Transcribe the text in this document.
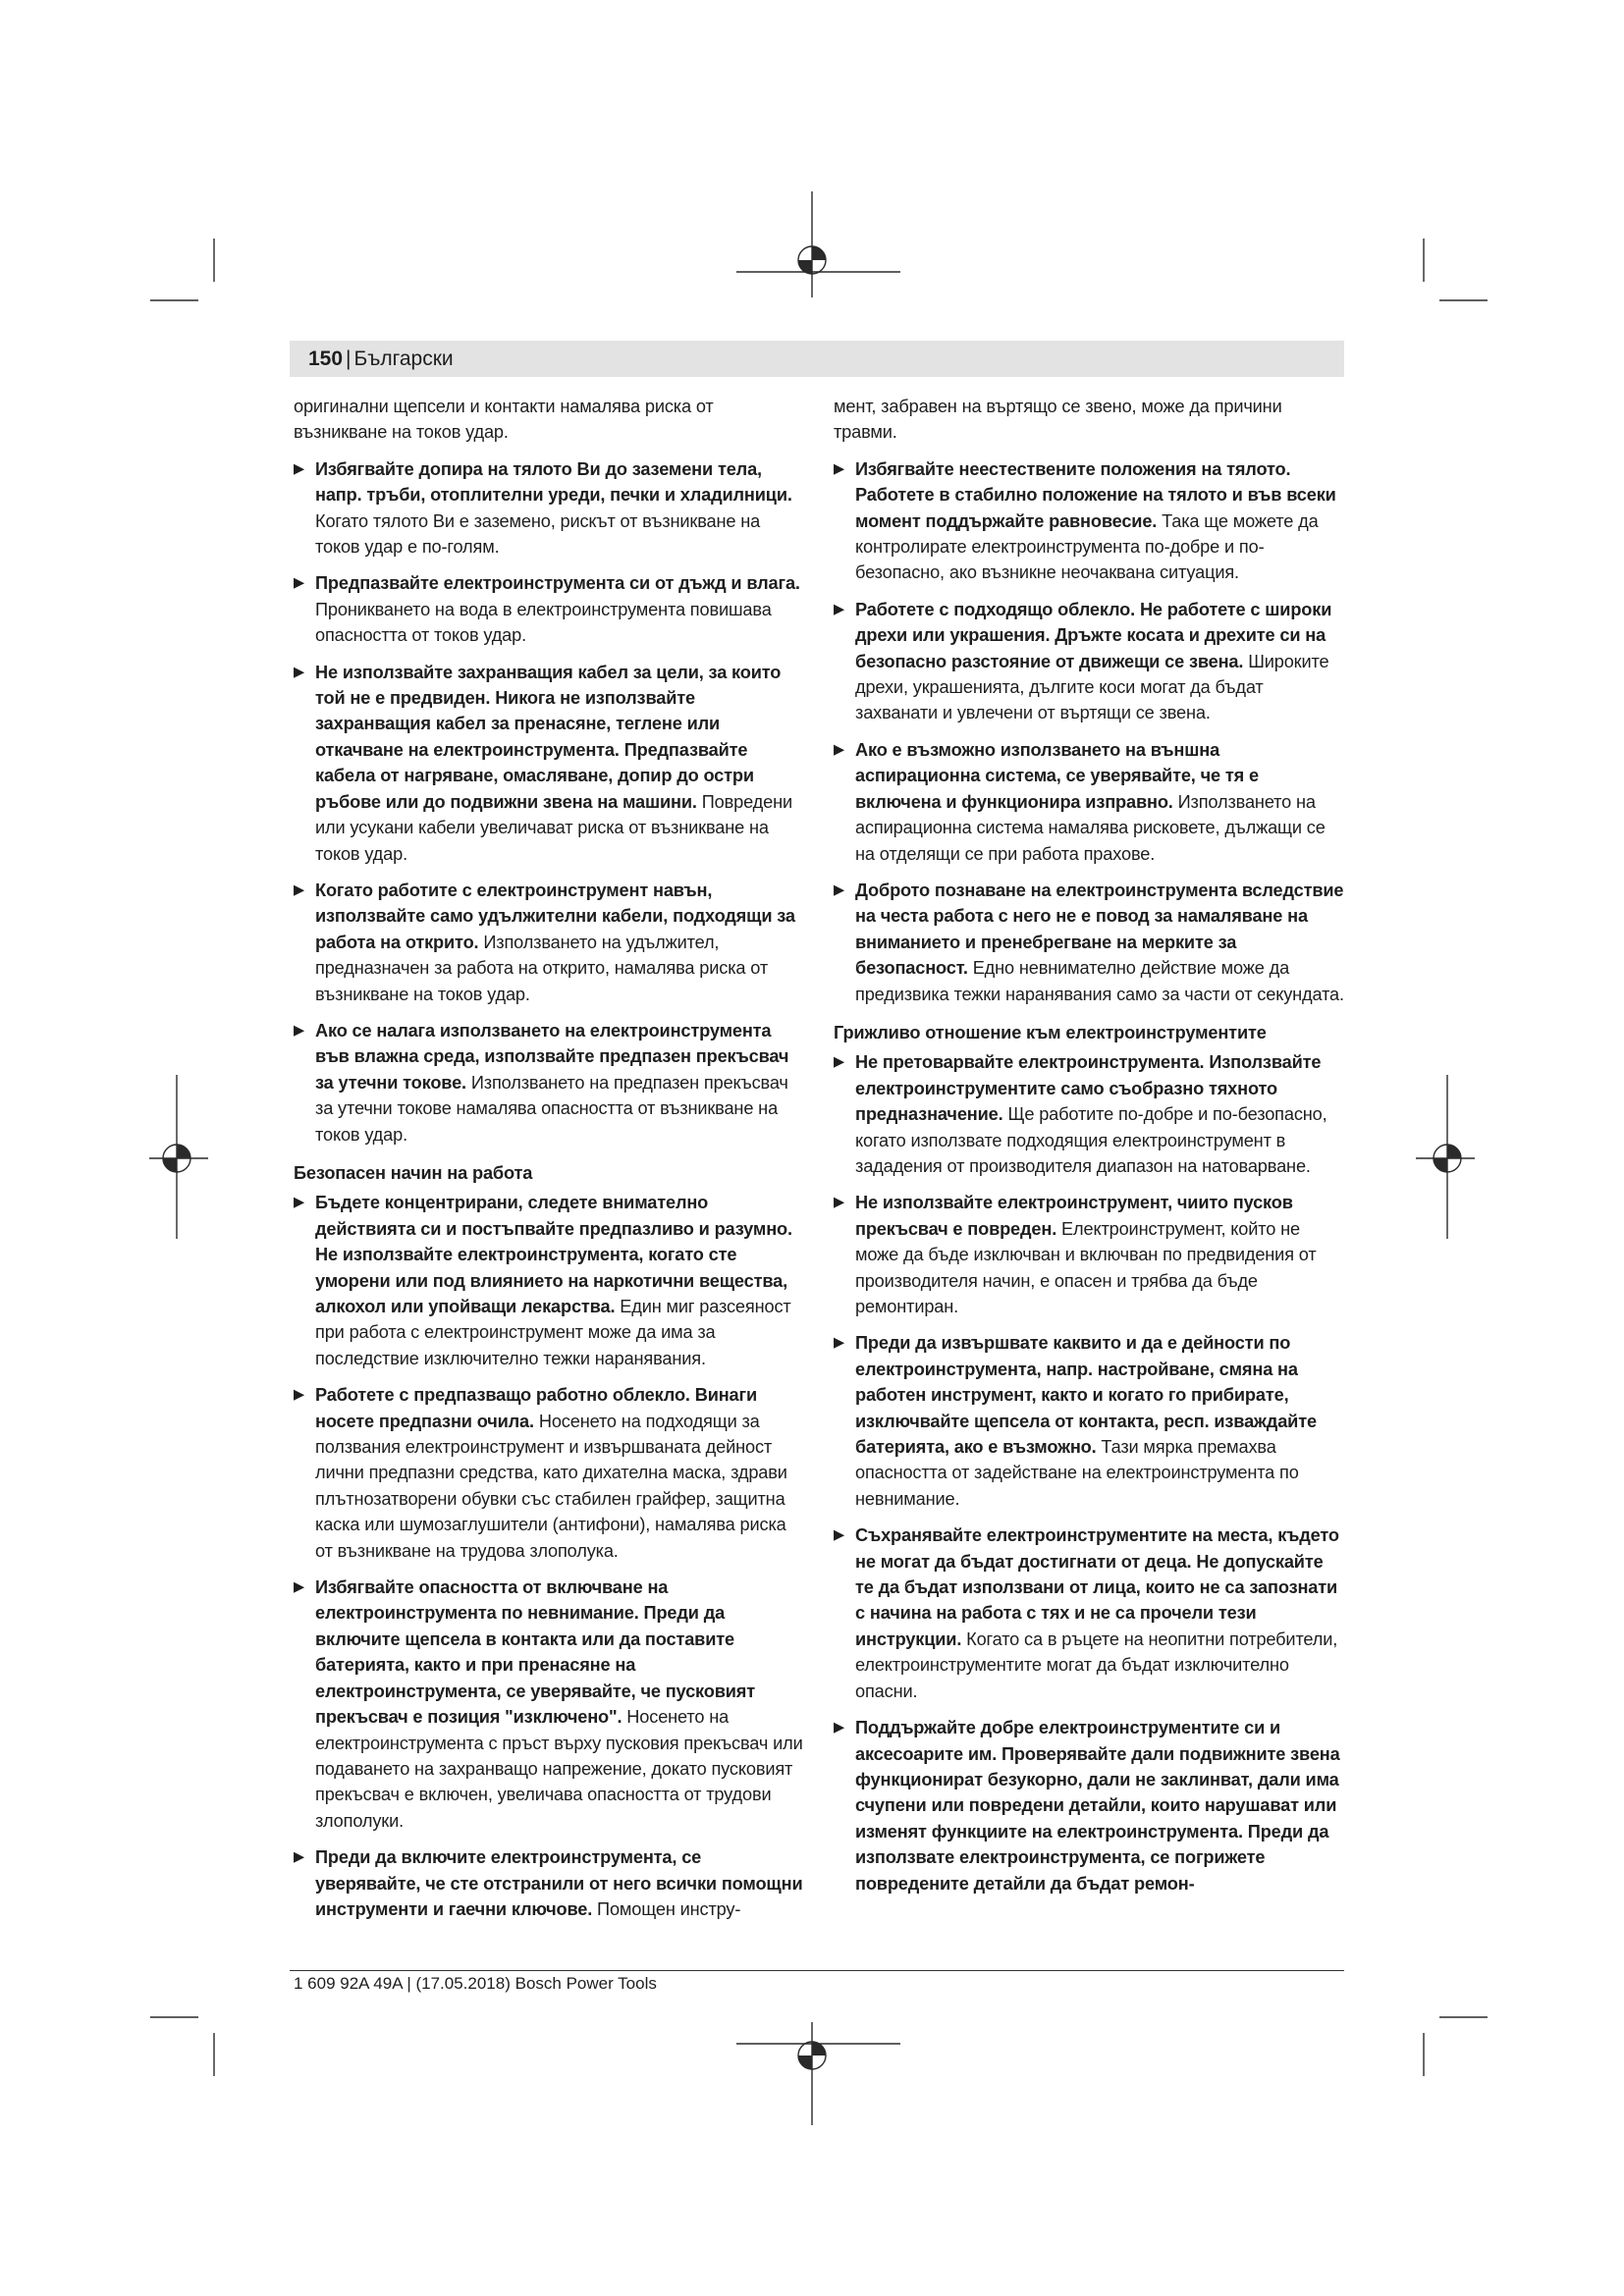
150 | Български
оригинални щепсели и контакти намалява риска от възникване на токов удар.
▶ Избягвайте допира на тялото Ви до заземени тела, напр. тръби, отоплителни уреди, печки и хладилници. Когато тялото Ви е заземено, рискът от възникване на токов удар е по-голям.
▶ Предпазвайте електроинструмента си от дъжд и влага. Проникването на вода в електроинструмента повишава опасността от токов удар.
▶ Не използвайте захранващия кабел за цели, за които той не е предвиден. Никога не използвайте захранващия кабел за пренасяне, теглене или откачване на електроинструмента. Предпазвайте кабела от нагряване, омасляване, допир до остри ръбове или до подвижни звена на машини. Повредени или усукани кабели увеличават риска от възникване на токов удар.
▶ Когато работите с електроинструмент навън, използвайте само удължителни кабели, подходящи за работа на открито. Използването на удължител, предназначен за работа на открито, намалява риска от възникване на токов удар.
▶ Ако се налага използването на електроинструмента във влажна среда, използвайте предпазен прекъсвач за утечни токове. Използването на предпазен прекъсвач за утечни токове намалява опасността от възникване на токов удар.
Безопасен начин на работа
▶ Бъдете концентрирани, следете внимателно действията си и постъпвайте предпазливо и разумно. Не използвайте електроинструмента, когато сте уморени или под влиянието на наркотични вещества, алкохол или упойващи лекарства. Един миг разсеяност при работа с електроинструмент може да има за последствие изключително тежки наранявания.
▶ Работете с предпазващо работно облекло. Винаги носете предпазни очила. Носенето на подходящи за ползвания електроинструмент и извършваната дейност лични предпазни средства, като дихателна маска, здрави плътнозатворени обувки със стабилен грайфер, защитна каска или шумозаглушители (антифони), намалява риска от възникване на трудова злополука.
▶ Избягвайте опасността от включване на електроинструмента по невнимание. Преди да включите щепсела в контакта или да поставите батерията, както и при пренасяне на електроинструмента, се уверявайте, че пусковият прекъсвач е позиция "изключено". Носенето на електроинструмента с пръст върху пусковия прекъсвач или подаването на захранващо напрежение, докато пусковият прекъсвач е включен, увеличава опасността от трудови злополуки.
▶ Преди да включите електроинструмента, се уверявайте, че сте отстранили от него всички помощни инструменти и гаечни ключове. Помощен инстру-
мент, забравен на въртящо се звено, може да причини травми.
▶ Избягвайте неестествените положения на тялото. Работете в стабилно положение на тялото и във всеки момент поддържайте равновесие. Така ще можете да контролирате електроинструмента по-добре и по-безопасно, ако възникне неочаквана ситуация.
▶ Работете с подходящо облекло. Не работете с широки дрехи или украшения. Дръжте косата и дрехите си на безопасно разстояние от движещи се звена. Широките дрехи, украшенията, дългите коси могат да бъдат захванати и увлечени от въртящи се звена.
▶ Ако е възможно използването на външна аспирационна система, се уверявайте, че тя е включена и функционира изправно. Използването на аспирационна система намалява рисковете, дължащи се на отделящи се при работа прахове.
▶ Доброто познаване на електроинструмента вследствие на честа работа с него не е повод за намаляване на вниманието и пренебрегване на мерките за безопасност. Едно невнимателно действие може да предизвика тежки наранявания само за части от секундата.
Грижливо отношение към електроинструментите
▶ Не претоварвайте електроинструмента. Използвайте електроинструментите само съобразно тяхното предназначение. Ще работите по-добре и по-безопасно, когато използвате подходящия електроинструмент в зададения от производителя диапазон на натоварване.
▶ Не използвайте електроинструмент, чиито пусков прекъсвач е повреден. Електроинструмент, който не може да бъде изключван и включван по предвидения от производителя начин, е опасен и трябва да бъде ремонтиран.
▶ Преди да извършвате каквито и да е дейности по електроинструмента, напр. настройване, смяна на работен инструмент, както и когато го прибирате, изключвайте щепсела от контакта, респ. изваждайте батерията, ако е възможно. Тази мярка премахва опасността от задействане на електроинструмента по невнимание.
▶ Съхранявайте електроинструментите на места, където не могат да бъдат достигнати от деца. Не допускайте те да бъдат използвани от лица, които не са запознати с начина на работа с тях и не са прочели тези инструкции. Когато са в ръцете на неопитни потребители, електроинструментите могат да бъдат изключително опасни.
▶ Поддържайте добре електроинструментите си и аксесоарите им. Проверявайте дали подвижните звена функционират безукорно, дали не заклинват, дали има счупени или повредени детайли, които нарушават или изменят функциите на електроинструмента. Преди да използвате електроинструмента, се погрижете повредените детайли да бъдат ремон-
1 609 92A 49A | (17.05.2018) Bosch Power Tools
